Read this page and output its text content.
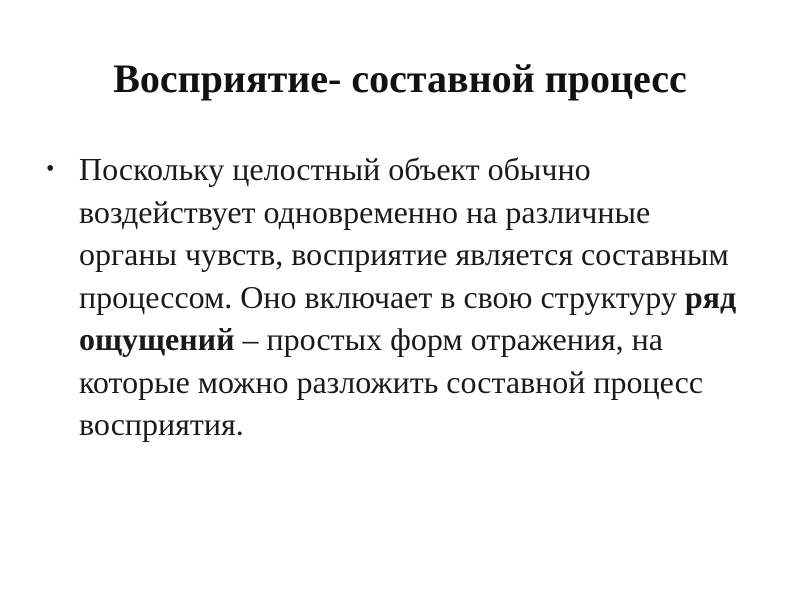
Восприятие- составной процесс
• Поскольку целостный объект обычно воздействует одновременно на различные органы чувств, восприятие является составным процессом. Оно включает в свою структуру ряд ощущений – простых форм отражения, на которые можно разложить составной процесс восприятия.
